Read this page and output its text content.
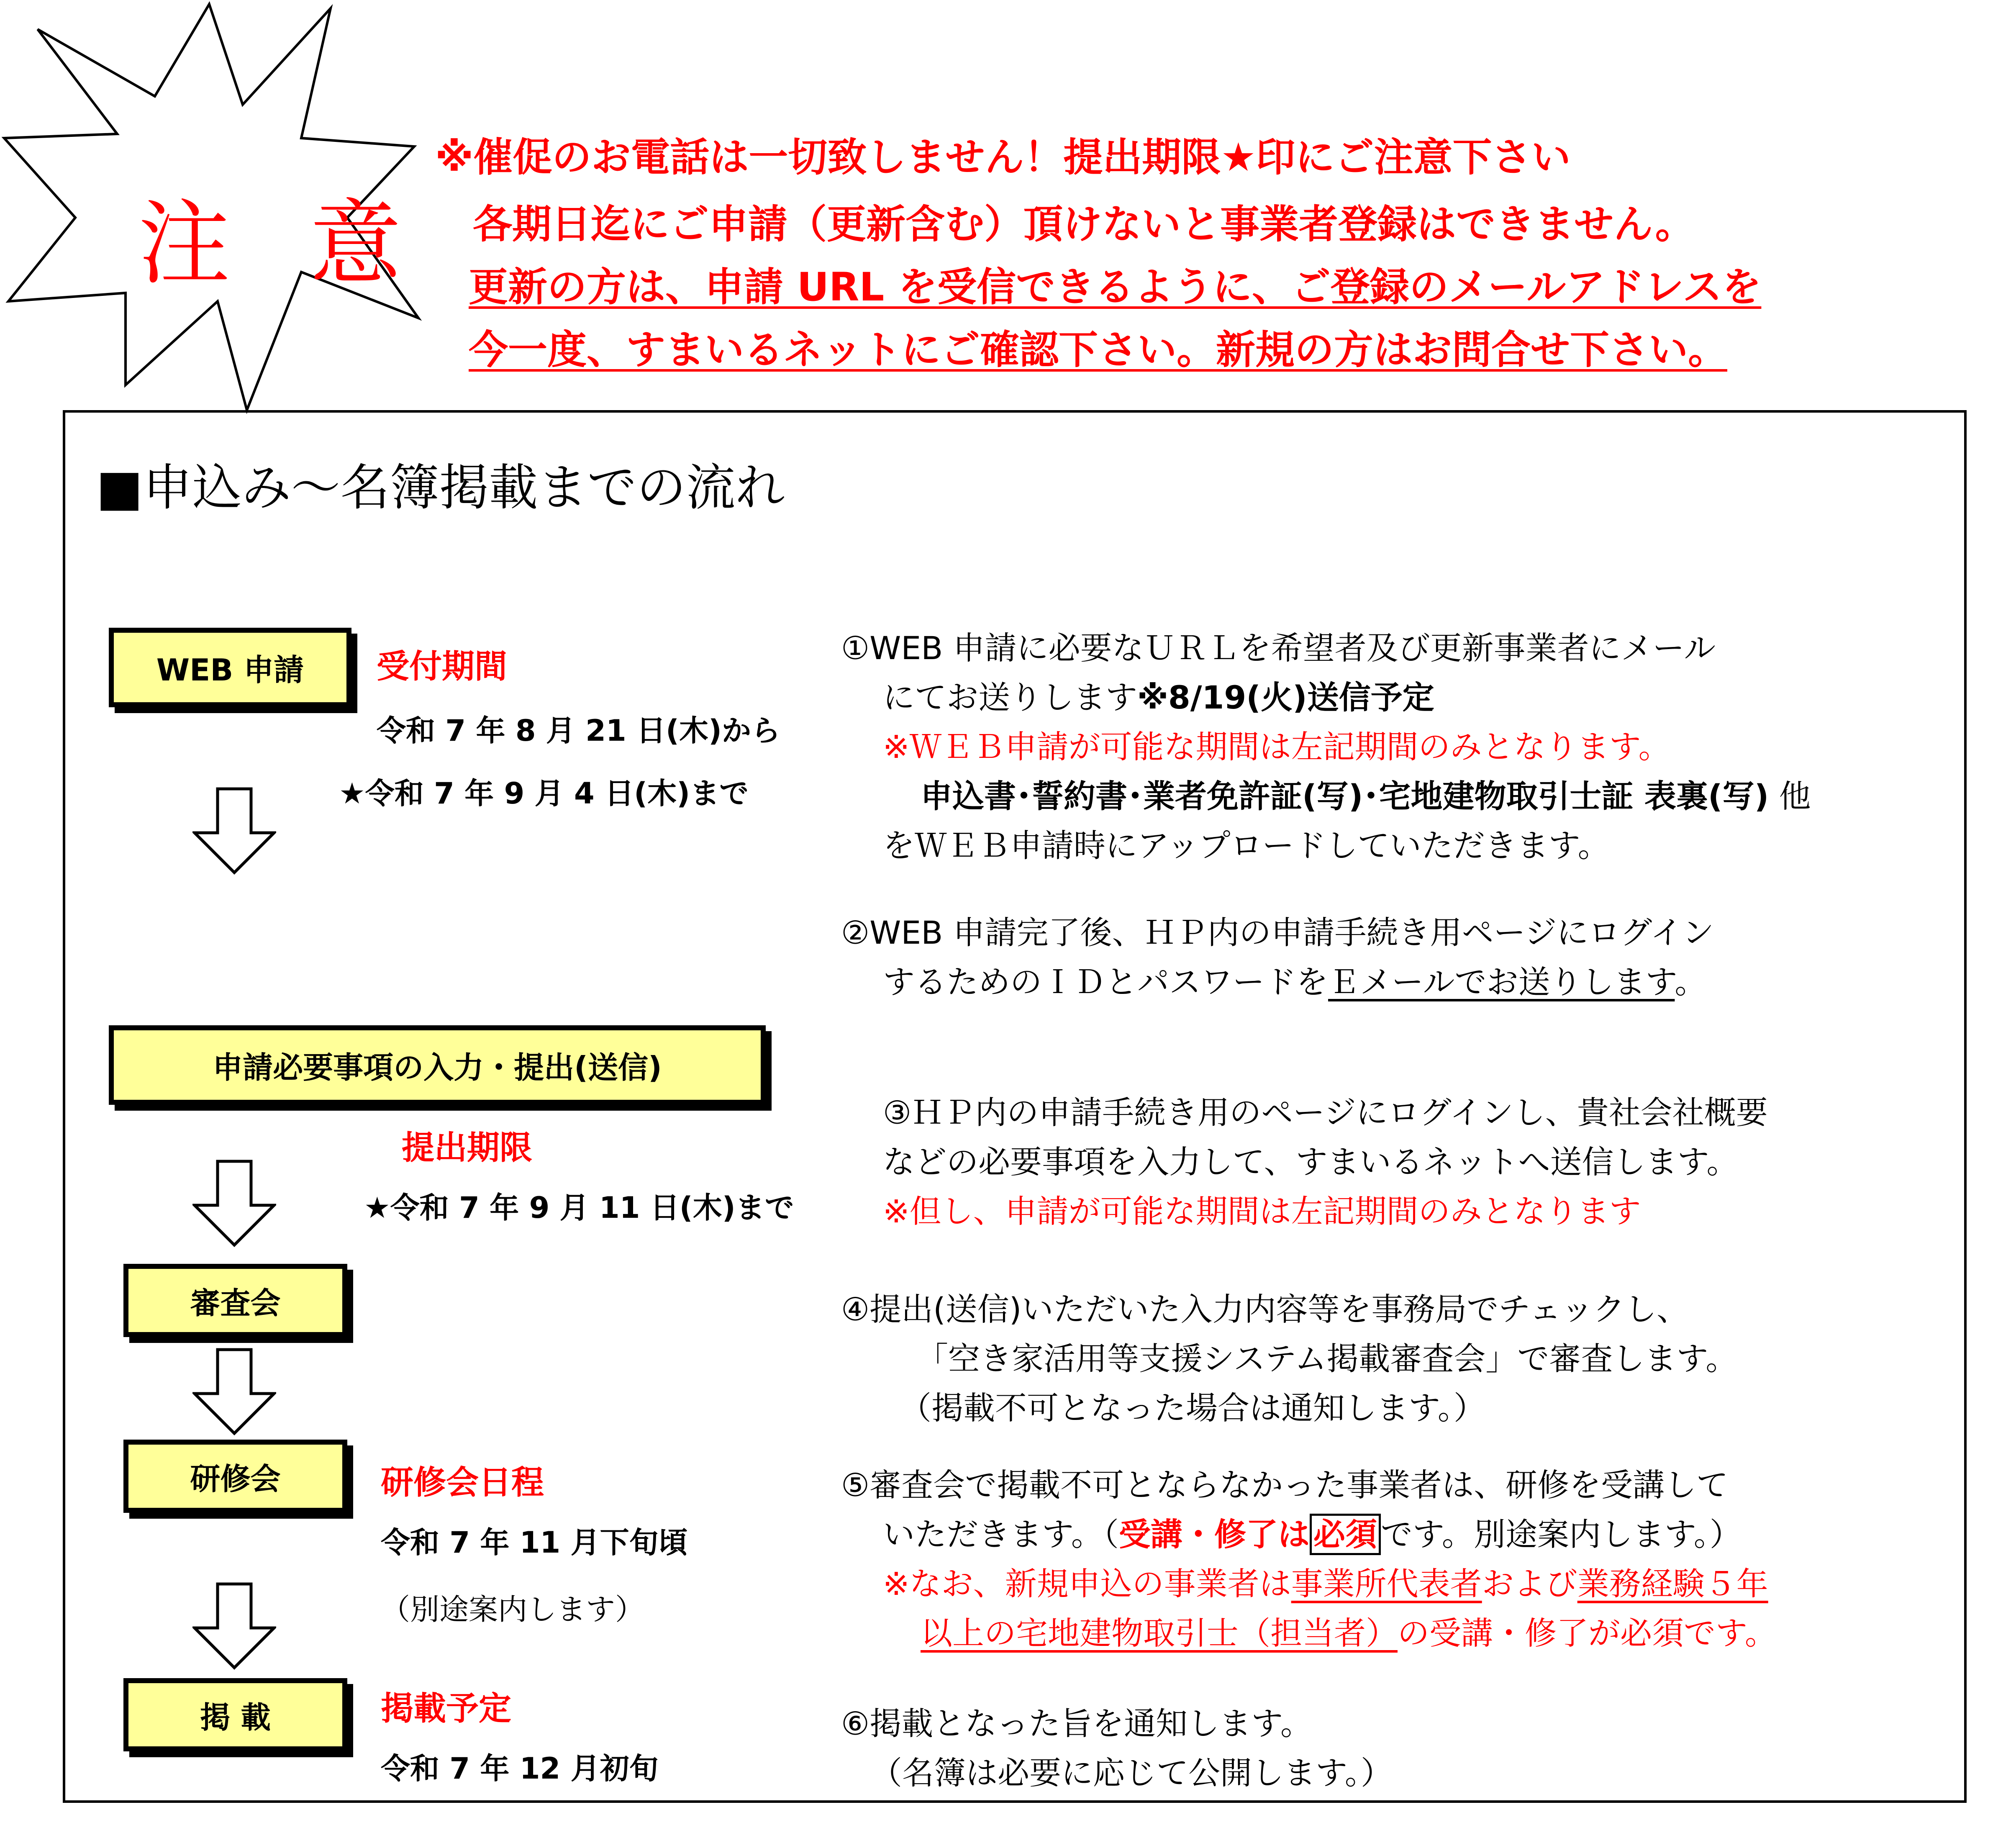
注 意
※催促のお電話は一切致しません！提出期限★印にご注意下さい
各期日迄にご申請（更新含む）頂けないと事業者登録はできません。
更新の方は、申請 URL を受信できるように、ご登録のメールアドレスを
今一度、すまいるネットにご確認下さい。新規の方はお問合せ下さい。
■申込み～名簿掲載までの流れ
WEB 申請
申請必要事項の入力・提出(送信)
審査会
研修会
掲 載
受付期間
令和 7 年 8 月 21 日(木)から
★令和 7 年 9 月 4 日(木)まで
提出期限
★令和 7 年 9 月 11 日(木)まで
研修会日程
令和 7 年 11 月下旬頃
（別途案内します）
掲載予定
令和 7 年 12 月初旬
①WEB 申請に必要なＵＲＬを希望者及び更新事業者にメール
にてお送りします※8/19(火)送信予定
※ＷＥＢ申請が可能な期間は左記期間のみとなります。
申込書･誓約書･業者免許証(写)･宅地建物取引士証 表裏(写) 他
をＷＥＢ申請時にアップロードしていただきます。
②WEB 申請完了後、ＨＰ内の申請手続き用ページにログイン
するためのＩＤとパスワードをＥメールでお送りします。
③ＨＰ内の申請手続き用のページにログインし、貴社会社概要
などの必要事項を入力して、すまいるネットへ送信します。
※但し、申請が可能な期間は左記期間のみとなります
④提出(送信)いただいた入力内容等を事務局でチェックし、
「空き家活用等支援システム掲載審査会」で審査します。
（掲載不可となった場合は通知します。）
⑤審査会で掲載不可とならなかった事業者は、研修を受講して
いただきます。（受講・修了は 必須 です。別途案内します。）
※なお、新規申込の事業者は事業所代表者および業務経験５年
以上の宅地建物取引士（担当者）の受講・修了が必須です。
⑥掲載となった旨を通知します。
（名簿は必要に応じて公開します。）
